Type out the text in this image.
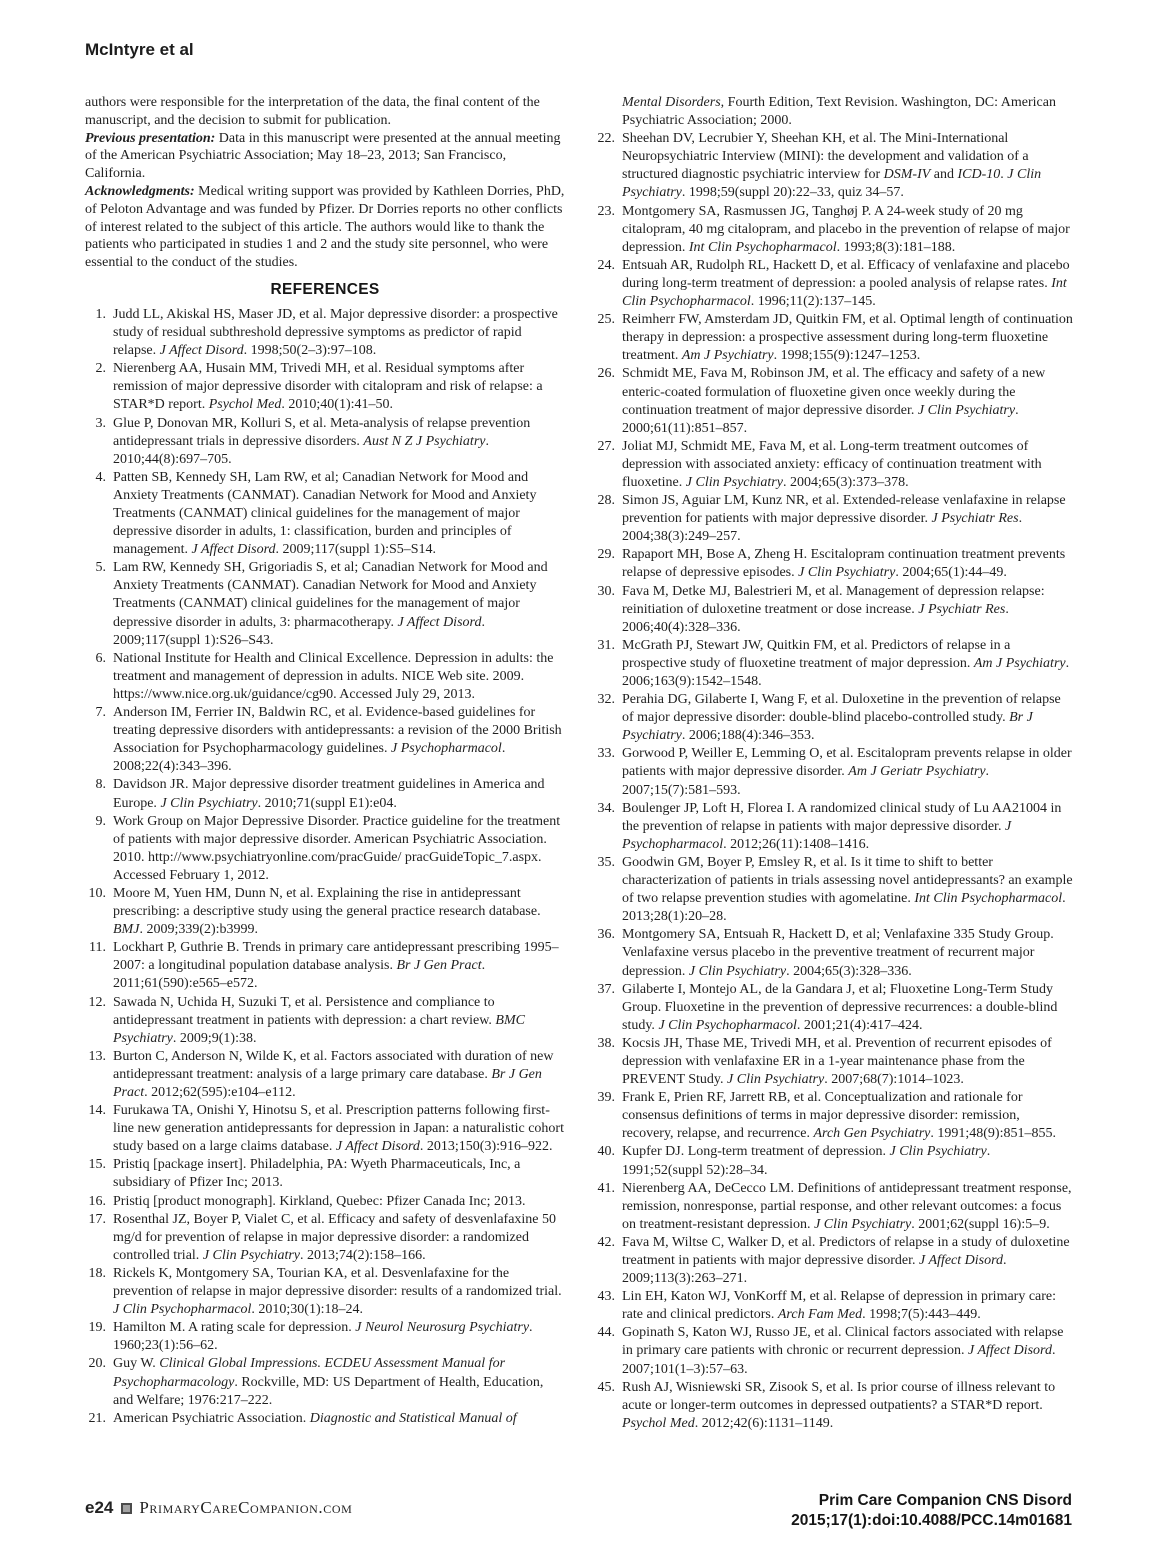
McIntyre et al

authors were responsible for the interpretation of the data, the final content of the manuscript, and the decision to submit for publication.

Previous presentation: Data in this manuscript were presented at the annual meeting of the American Psychiatric Association; May 18–23, 2013; San Francisco, California.

Acknowledgments: Medical writing support was provided by Kathleen Dorries, PhD, of Peloton Advantage and was funded by Pfizer. Dr Dorries reports no other conflicts of interest related to the subject of this article. The authors would like to thank the patients who participated in studies 1 and 2 and the study site personnel, who were essential to the conduct of the studies.

REFERENCES
1. Judd LL, Akiskal HS, Maser JD, et al. Major depressive disorder: a prospective study of residual subthreshold depressive symptoms as predictor of rapid relapse. J Affect Disord. 1998;50(2–3):97–108.
2. Nierenberg AA, Husain MM, Trivedi MH, et al. Residual symptoms after remission of major depressive disorder with citalopram and risk of relapse: a STAR*D report. Psychol Med. 2010;40(1):41–50.
3. Glue P, Donovan MR, Kolluri S, et al. Meta-analysis of relapse prevention antidepressant trials in depressive disorders. Aust N Z J Psychiatry. 2010;44(8):697–705.
4. Patten SB, Kennedy SH, Lam RW, et al; Canadian Network for Mood and Anxiety Treatments (CANMAT). Canadian Network for Mood and Anxiety Treatments (CANMAT) clinical guidelines for the management of major depressive disorder in adults, 1: classification, burden and principles of management. J Affect Disord. 2009;117(suppl 1):S5–S14.
5. Lam RW, Kennedy SH, Grigoriadis S, et al; Canadian Network for Mood and Anxiety Treatments (CANMAT). Canadian Network for Mood and Anxiety Treatments (CANMAT) clinical guidelines for the management of major depressive disorder in adults, 3: pharmacotherapy. J Affect Disord. 2009;117(suppl 1):S26–S43.
6. National Institute for Health and Clinical Excellence. Depression in adults: the treatment and management of depression in adults. NICE Web site. 2009. https://www.nice.org.uk/guidance/cg90. Accessed July 29, 2013.
7. Anderson IM, Ferrier IN, Baldwin RC, et al. Evidence-based guidelines for treating depressive disorders with antidepressants: a revision of the 2000 British Association for Psychopharmacology guidelines. J Psychopharmacol. 2008;22(4):343–396.
8. Davidson JR. Major depressive disorder treatment guidelines in America and Europe. J Clin Psychiatry. 2010;71(suppl E1):e04.
9. Work Group on Major Depressive Disorder. Practice guideline for the treatment of patients with major depressive disorder. American Psychiatric Association. 2010. http://www.psychiatryonline.com/pracGuide/ pracGuideTopic_7.aspx. Accessed February 1, 2012.
10. Moore M, Yuen HM, Dunn N, et al. Explaining the rise in antidepressant prescribing: a descriptive study using the general practice research database. BMJ. 2009;339(2):b3999.
11. Lockhart P, Guthrie B. Trends in primary care antidepressant prescribing 1995–2007: a longitudinal population database analysis. Br J Gen Pract. 2011;61(590):e565–e572.
12. Sawada N, Uchida H, Suzuki T, et al. Persistence and compliance to antidepressant treatment in patients with depression: a chart review. BMC Psychiatry. 2009;9(1):38.
13. Burton C, Anderson N, Wilde K, et al. Factors associated with duration of new antidepressant treatment: analysis of a large primary care database. Br J Gen Pract. 2012;62(595):e104–e112.
14. Furukawa TA, Onishi Y, Hinotsu S, et al. Prescription patterns following first-line new generation antidepressants for depression in Japan: a naturalistic cohort study based on a large claims database. J Affect Disord. 2013;150(3):916–922.
15. Pristiq [package insert]. Philadelphia, PA: Wyeth Pharmaceuticals, Inc, a subsidiary of Pfizer Inc; 2013.
16. Pristiq [product monograph]. Kirkland, Quebec: Pfizer Canada Inc; 2013.
17. Rosenthal JZ, Boyer P, Vialet C, et al. Efficacy and safety of desvenlafaxine 50 mg/d for prevention of relapse in major depressive disorder: a randomized controlled trial. J Clin Psychiatry. 2013;74(2):158–166.
18. Rickels K, Montgomery SA, Tourian KA, et al. Desvenlafaxine for the prevention of relapse in major depressive disorder: results of a randomized trial. J Clin Psychopharmacol. 2010;30(1):18–24.
19. Hamilton M. A rating scale for depression. J Neurol Neurosurg Psychiatry. 1960;23(1):56–62.
20. Guy W. Clinical Global Impressions. ECDEU Assessment Manual for Psychopharmacology. Rockville, MD: US Department of Health, Education, and Welfare; 1976:217–222.
21. American Psychiatric Association. Diagnostic and Statistical Manual of
Mental Disorders, Fourth Edition, Text Revision. Washington, DC: American Psychiatric Association; 2000.
22. Sheehan DV, Lecrubier Y, Sheehan KH, et al. The Mini-International Neuropsychiatric Interview (MINI): the development and validation of a structured diagnostic psychiatric interview for DSM-IV and ICD-10. J Clin Psychiatry. 1998;59(suppl 20):22–33, quiz 34–57.
23. Montgomery SA, Rasmussen JG, Tanghøj P. A 24-week study of 20 mg citalopram, 40 mg citalopram, and placebo in the prevention of relapse of major depression. Int Clin Psychopharmacol. 1993;8(3):181–188.
24. Entsuah AR, Rudolph RL, Hackett D, et al. Efficacy of venlafaxine and placebo during long-term treatment of depression: a pooled analysis of relapse rates. Int Clin Psychopharmacol. 1996;11(2):137–145.
25. Reimherr FW, Amsterdam JD, Quitkin FM, et al. Optimal length of continuation therapy in depression: a prospective assessment during long-term fluoxetine treatment. Am J Psychiatry. 1998;155(9):1247–1253.
26. Schmidt ME, Fava M, Robinson JM, et al. The efficacy and safety of a new enteric-coated formulation of fluoxetine given once weekly during the continuation treatment of major depressive disorder. J Clin Psychiatry. 2000;61(11):851–857.
27. Joliat MJ, Schmidt ME, Fava M, et al. Long-term treatment outcomes of depression with associated anxiety: efficacy of continuation treatment with fluoxetine. J Clin Psychiatry. 2004;65(3):373–378.
28. Simon JS, Aguiar LM, Kunz NR, et al. Extended-release venlafaxine in relapse prevention for patients with major depressive disorder. J Psychiatr Res. 2004;38(3):249–257.
29. Rapaport MH, Bose A, Zheng H. Escitalopram continuation treatment prevents relapse of depressive episodes. J Clin Psychiatry. 2004;65(1):44–49.
30. Fava M, Detke MJ, Balestrieri M, et al. Management of depression relapse: reinitiation of duloxetine treatment or dose increase. J Psychiatr Res. 2006;40(4):328–336.
31. McGrath PJ, Stewart JW, Quitkin FM, et al. Predictors of relapse in a prospective study of fluoxetine treatment of major depression. Am J Psychiatry. 2006;163(9):1542–1548.
32. Perahia DG, Gilaberte I, Wang F, et al. Duloxetine in the prevention of relapse of major depressive disorder: double-blind placebo-controlled study. Br J Psychiatry. 2006;188(4):346–353.
33. Gorwood P, Weiller E, Lemming O, et al. Escitalopram prevents relapse in older patients with major depressive disorder. Am J Geriatr Psychiatry. 2007;15(7):581–593.
34. Boulenger JP, Loft H, Florea I. A randomized clinical study of Lu AA21004 in the prevention of relapse in patients with major depressive disorder. J Psychopharmacol. 2012;26(11):1408–1416.
35. Goodwin GM, Boyer P, Emsley R, et al. Is it time to shift to better characterization of patients in trials assessing novel antidepressants? an example of two relapse prevention studies with agomelatine. Int Clin Psychopharmacol. 2013;28(1):20–28.
36. Montgomery SA, Entsuah R, Hackett D, et al; Venlafaxine 335 Study Group. Venlafaxine versus placebo in the preventive treatment of recurrent major depression. J Clin Psychiatry. 2004;65(3):328–336.
37. Gilaberte I, Montejo AL, de la Gandara J, et al; Fluoxetine Long-Term Study Group. Fluoxetine in the prevention of depressive recurrences: a double-blind study. J Clin Psychopharmacol. 2001;21(4):417–424.
38. Kocsis JH, Thase ME, Trivedi MH, et al. Prevention of recurrent episodes of depression with venlafaxine ER in a 1-year maintenance phase from the PREVENT Study. J Clin Psychiatry. 2007;68(7):1014–1023.
39. Frank E, Prien RF, Jarrett RB, et al. Conceptualization and rationale for consensus definitions of terms in major depressive disorder: remission, recovery, relapse, and recurrence. Arch Gen Psychiatry. 1991;48(9):851–855.
40. Kupfer DJ. Long-term treatment of depression. J Clin Psychiatry. 1991;52(suppl 52):28–34.
41. Nierenberg AA, DeCecco LM. Definitions of antidepressant treatment response, remission, nonresponse, partial response, and other relevant outcomes: a focus on treatment-resistant depression. J Clin Psychiatry. 2001;62(suppl 16):5–9.
42. Fava M, Wiltse C, Walker D, et al. Predictors of relapse in a study of duloxetine treatment in patients with major depressive disorder. J Affect Disord. 2009;113(3):263–271.
43. Lin EH, Katon WJ, VonKorff M, et al. Relapse of depression in primary care: rate and clinical predictors. Arch Fam Med. 1998;7(5):443–449.
44. Gopinath S, Katon WJ, Russo JE, et al. Clinical factors associated with relapse in primary care patients with chronic or recurrent depression. J Affect Disord. 2007;101(1–3):57–63.
45. Rush AJ, Wisniewski SR, Zisook S, et al. Is prior course of illness relevant to acute or longer-term outcomes in depressed outpatients? a STAR*D report. Psychol Med. 2012;42(6):1131–1149.
e24 PrimaryCareCompanion.com	Prim Care Companion CNS Disord
2015;17(1):doi:10.4088/PCC.14m01681
